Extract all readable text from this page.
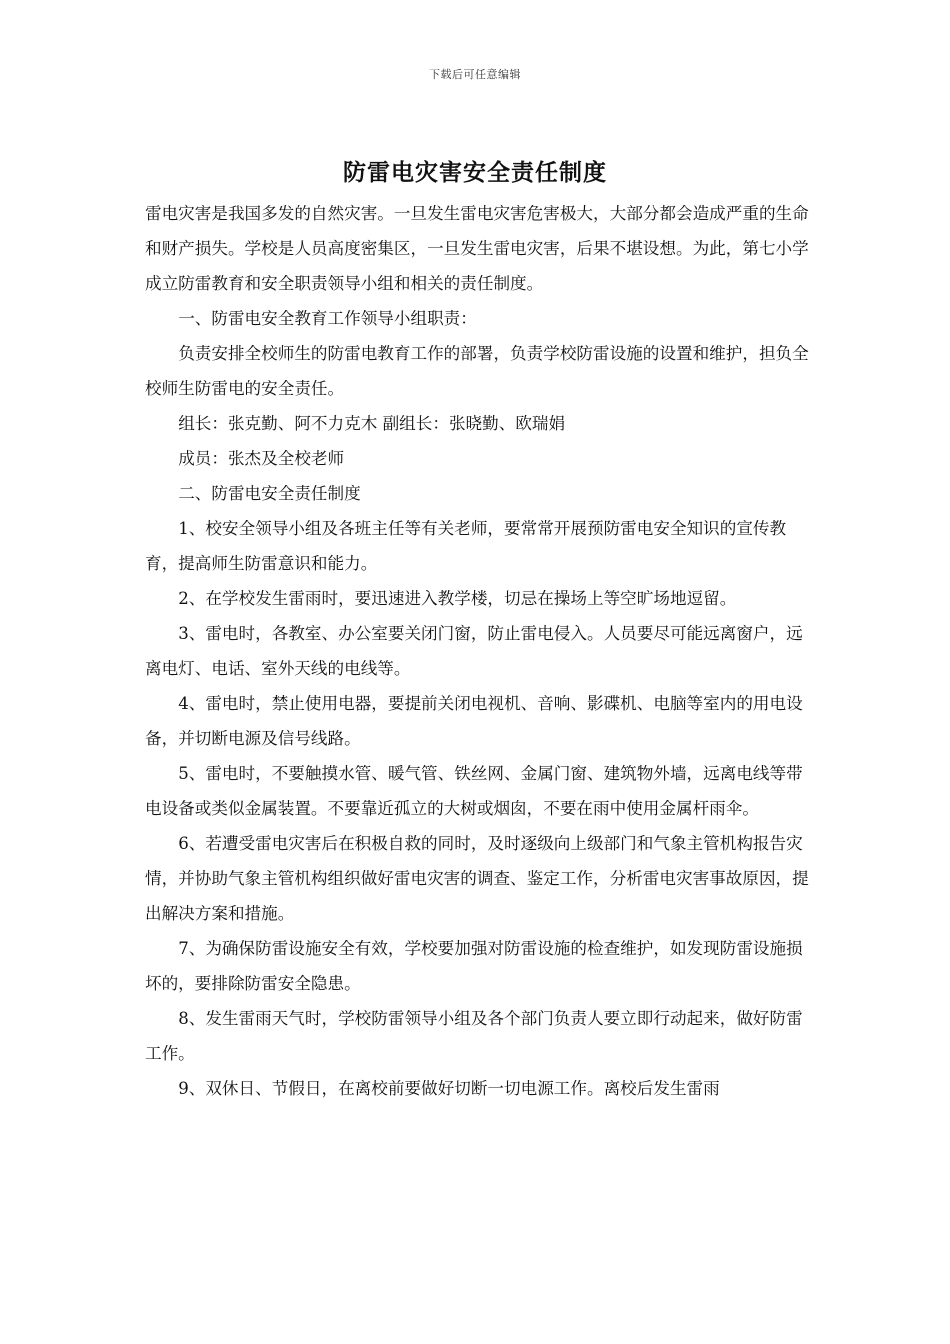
下载后可任意编辑
防雷电灾害安全责任制度

雷电灾害是我国多发的自然灾害。一旦发生雷电灾害危害极大，大部分都会造成严重的生命和财产损失。学校是人员高度密集区，一旦发生雷电灾害，后果不堪设想。为此，第七小学成立防雷教育和安全职责领导小组和相关的责任制度。

一、防雷电安全教育工作领导小组职责：

负责安排全校师生的防雷电教育工作的部署，负责学校防雷设施的设置和维护，担负全校师生防雷电的安全责任。

组长：张克勤、阿不力克木 副组长：张晓勤、欧瑞娟

成员：张杰及全校老师

二、防雷电安全责任制度

1、校安全领导小组及各班主任等有关老师，要常常开展预防雷电安全知识的宣传教育，提高师生防雷意识和能力。

2、在学校发生雷雨时，要迅速进入教学楼，切忌在操场上等空旷场地逗留。

3、雷电时，各教室、办公室要关闭门窗，防止雷电侵入。人员要尽可能远离窗户，远离电灯、电话、室外天线的电线等。

4、雷电时，禁止使用电器，要提前关闭电视机、音响、影碟机、电脑等室内的用电设备，并切断电源及信号线路。

5、雷电时，不要触摸水管、暖气管、铁丝网、金属门窗、建筑物外墙，远离电线等带电设备或类似金属装置。不要靠近孤立的大树或烟囱，不要在雨中使用金属杆雨伞。

6、若遭受雷电灾害后在积极自救的同时，及时逐级向上级部门和气象主管机构报告灾情，并协助气象主管机构组织做好雷电灾害的调查、鉴定工作，分析雷电灾害事故原因，提出解决方案和措施。

7、为确保防雷设施安全有效，学校要加强对防雷设施的检查维护，如发现防雷设施损坏的，要排除防雷安全隐患。

8、发生雷雨天气时，学校防雷领导小组及各个部门负责人要立即行动起来，做好防雷工作。

9、双休日、节假日，在离校前要做好切断一切电源工作。离校后发生雷雨
